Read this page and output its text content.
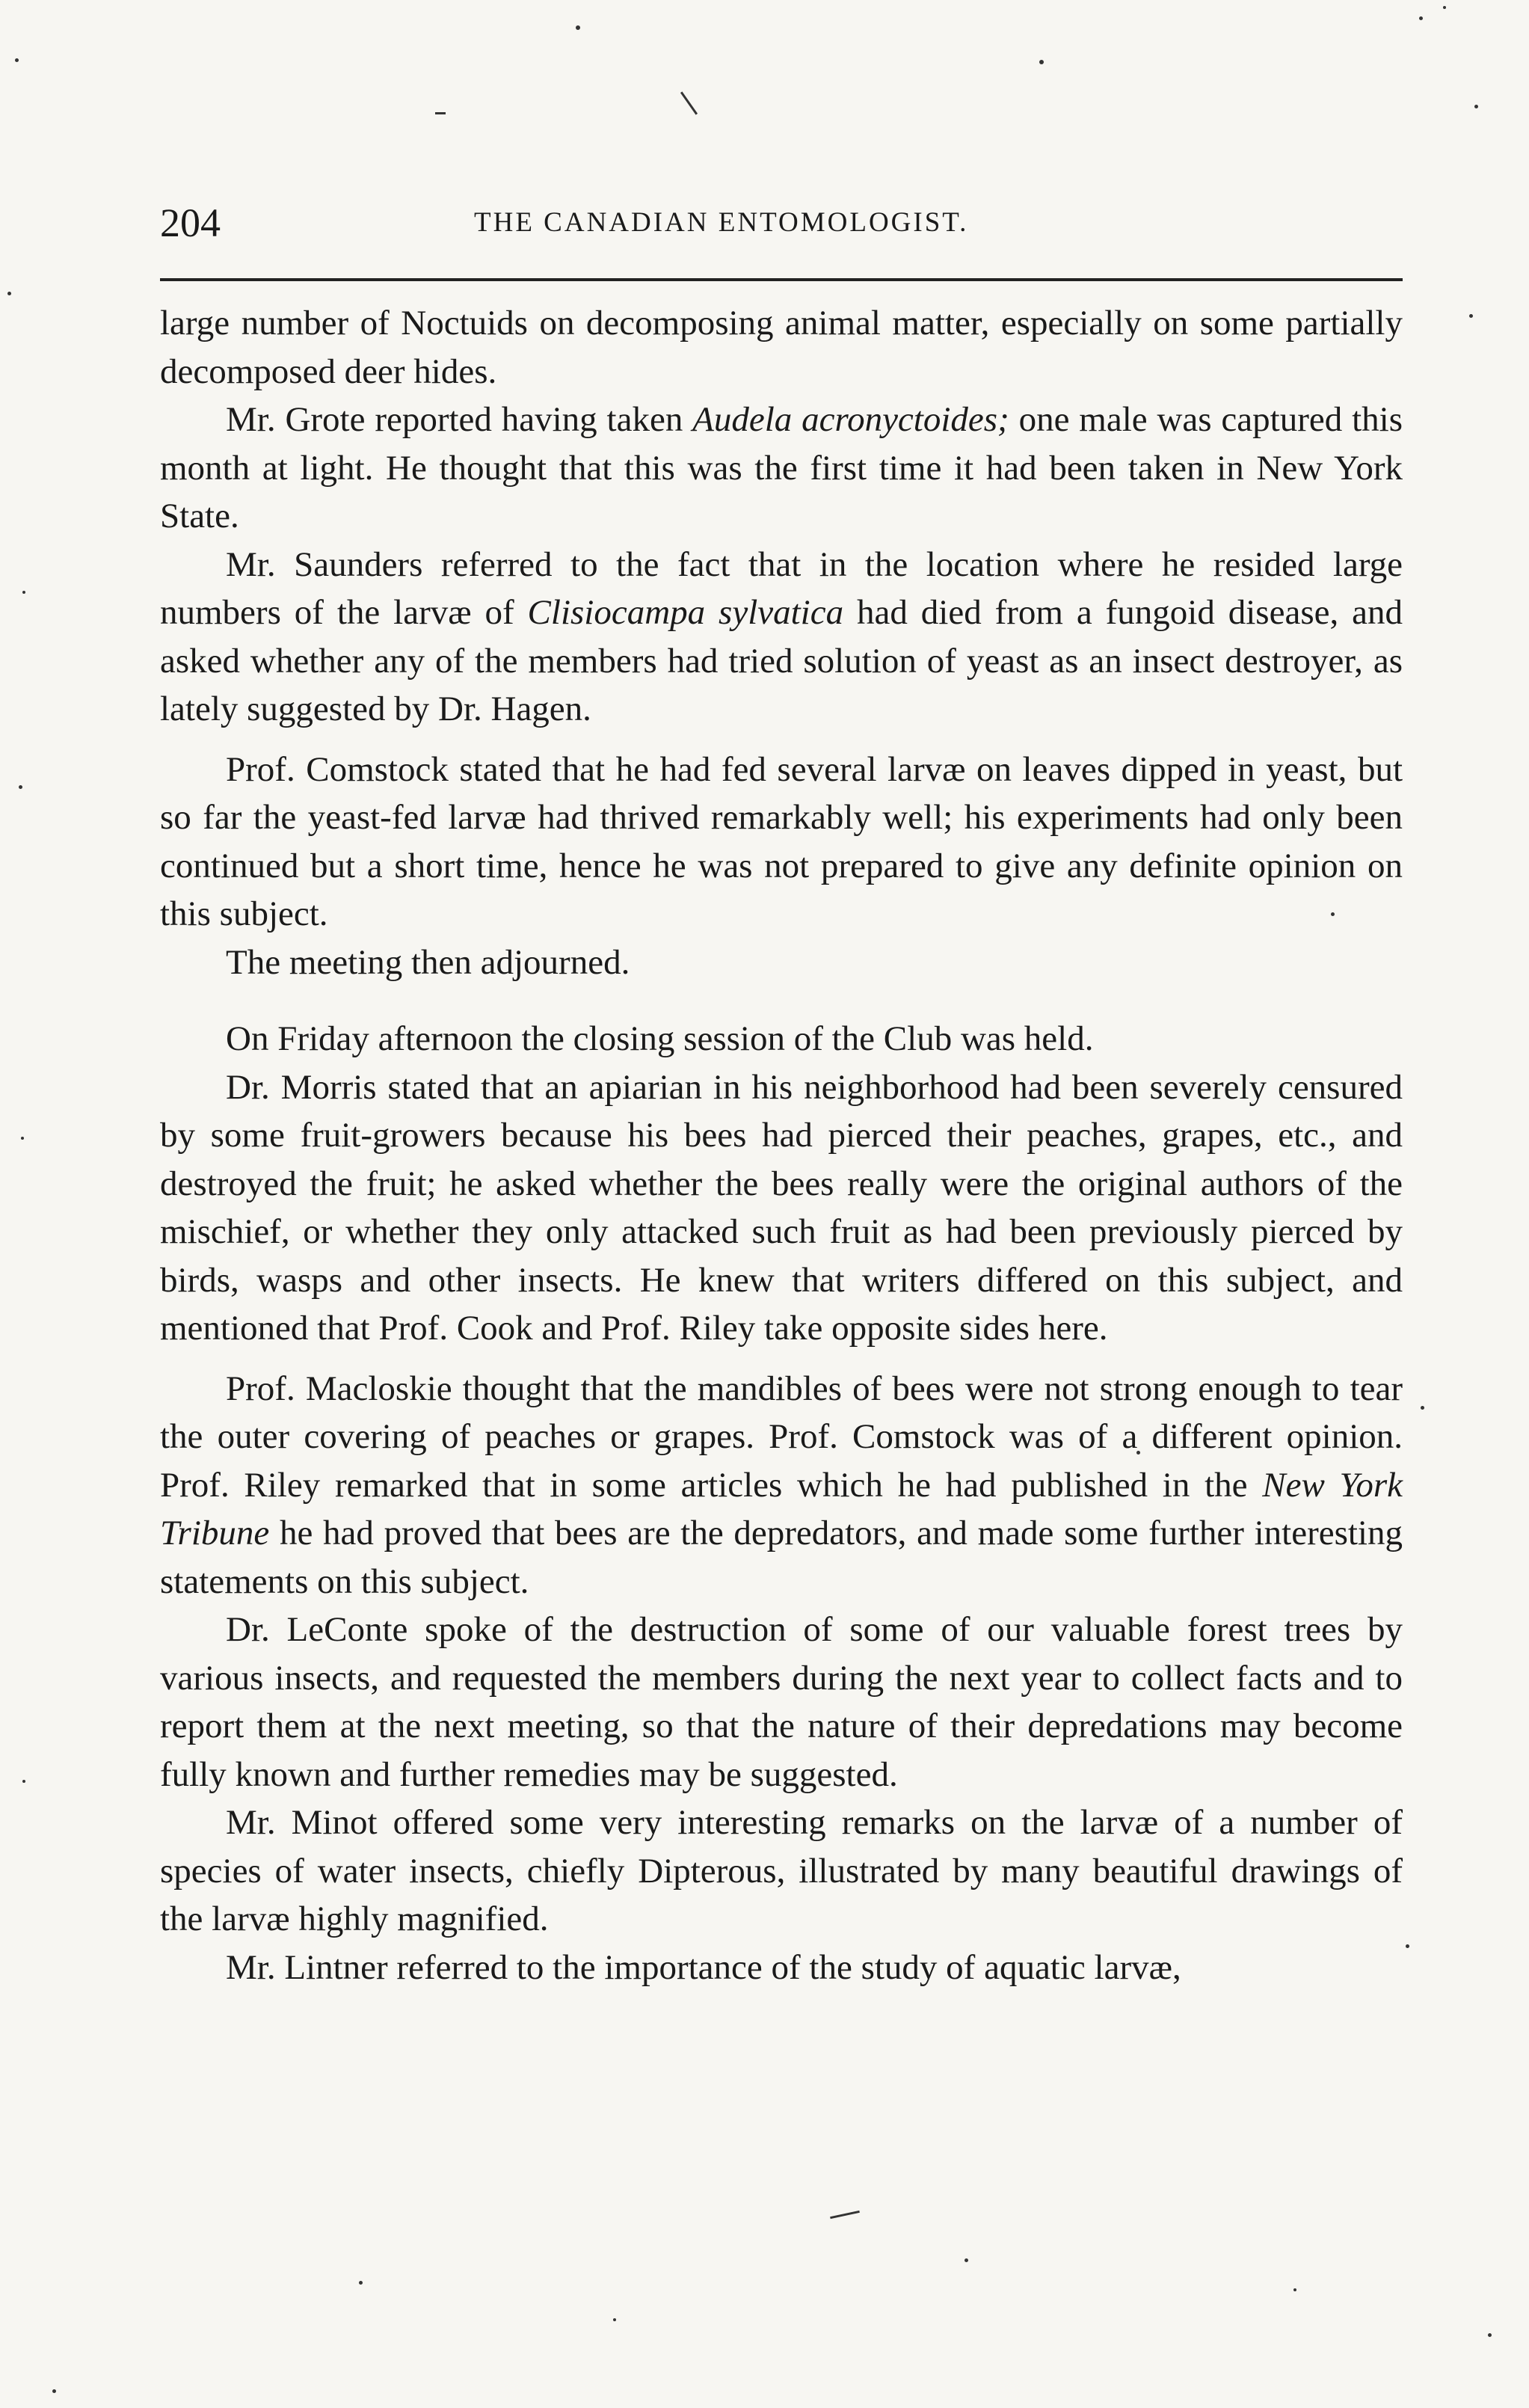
204	THE CANADIAN ENTOMOLOGIST.

large number of Noctuids on decomposing animal matter, especially on some partially decomposed deer hides.

Mr. Grote reported having taken Audela acronyctoides; one male was captured this month at light. He thought that this was the first time it had been taken in New York State.

Mr. Saunders referred to the fact that in the location where he resided large numbers of the larvæ of Clisiocampa sylvatica had died from a fungoid disease, and asked whether any of the members had tried solution of yeast as an insect destroyer, as lately suggested by Dr. Hagen.

Prof. Comstock stated that he had fed several larvæ on leaves dipped in yeast, but so far the yeast-fed larvæ had thrived remarkably well; his experiments had only been continued but a short time, hence he was not prepared to give any definite opinion on this subject.

The meeting then adjourned.

On Friday afternoon the closing session of the Club was held.

Dr. Morris stated that an apiarian in his neighborhood had been severely censured by some fruit-growers because his bees had pierced their peaches, grapes, etc., and destroyed the fruit; he asked whether the bees really were the original authors of the mischief, or whether they only attacked such fruit as had been previously pierced by birds, wasps and other insects. He knew that writers differed on this subject, and mentioned that Prof. Cook and Prof. Riley take opposite sides here.

Prof. Macloskie thought that the mandibles of bees were not strong enough to tear the outer covering of peaches or grapes. Prof. Comstock was of a different opinion. Prof. Riley remarked that in some articles which he had published in the New York Tribune he had proved that bees are the depredators, and made some further interesting statements on this subject.

Dr. LeConte spoke of the destruction of some of our valuable forest trees by various insects, and requested the members during the next year to collect facts and to report them at the next meeting, so that the nature of their depredations may become fully known and further remedies may be suggested.

Mr. Minot offered some very interesting remarks on the larvæ of a number of species of water insects, chiefly Dipterous, illustrated by many beautiful drawings of the larvæ highly magnified.

Mr. Lintner referred to the importance of the study of aquatic larvæ,
